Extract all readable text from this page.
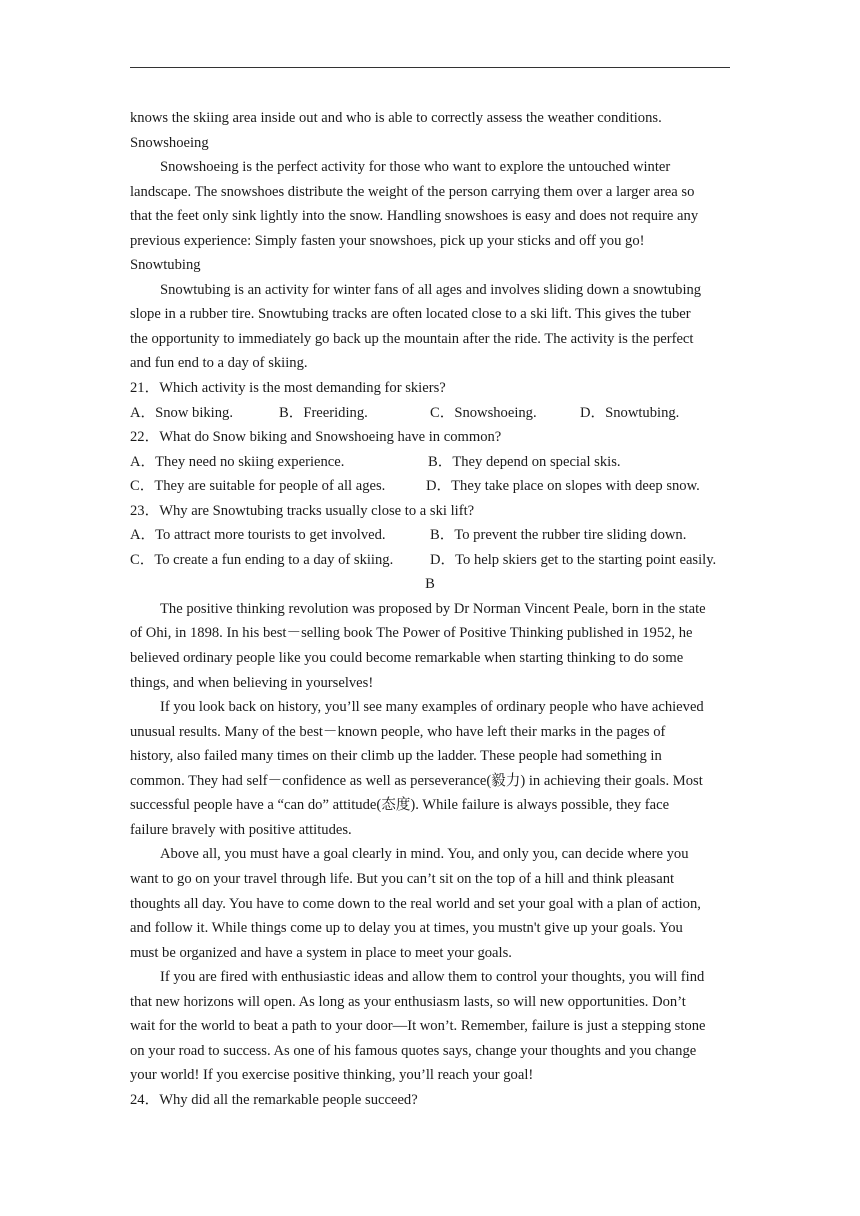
knows the skiing area inside out and who is able to correctly assess the weather conditions.
Snowshoeing
Snowshoeing is the perfect activity for those who want to explore the untouched winter
landscape. The snowshoes distribute the weight of the person carrying them over a larger area so
that the feet only sink lightly into the snow. Handling snowshoes is easy and does not require any
previous experience: Simply fasten your snowshoes, pick up your sticks and off you go!
Snowtubing
Snowtubing is an activity for winter fans of all ages and involves sliding down a snowtubing
slope in a rubber tire. Snowtubing tracks are often located close to a ski lift. This gives the tuber
the opportunity to immediately go back up the mountain after the ride. The activity is the perfect
and fun end to a day of skiing.
21．Which activity is the most demanding for skiers?
A．Snow biking.	B．Freeriding.	C．Snowshoeing.	D．Snowtubing.
22．What do Snow biking and Snowshoeing have in common?
A．They need no skiing experience.	B．They depend on special skis.
C．They are suitable for people of all ages.	D．They take place on slopes with deep snow.
23．Why are Snowtubing tracks usually close to a ski lift?
A．To attract more tourists to get involved.	B．To prevent the rubber tire sliding down.
C．To create a fun ending to a day of skiing.	D．To help skiers get to the starting point easily.
B
The positive thinking revolution was proposed by Dr Norman Vincent Peale, born in the state
of Ohi, in 1898. In his best－selling book The Power of Positive Thinking published in 1952, he
believed ordinary people like you could become remarkable when starting thinking to do some
things, and when believing in yourselves!
If you look back on history, you’ll see many examples of ordinary people who have achieved
unusual results. Many of the best－known people, who have left their marks in the pages of
history, also failed many times on their climb up the ladder. These people had something in
common. They had self－confidence as well as perseverance(毅力) in achieving their goals. Most
successful people have a “can do” attitude(态度). While failure is always possible, they face
failure bravely with positive attitudes.
Above all, you must have a goal clearly in mind. You, and only you, can decide where you
want to go on your travel through life. But you can’t sit on the top of a hill and think pleasant
thoughts all day. You have to come down to the real world and set your goal with a plan of action,
and follow it. While things come up to delay you at times, you mustn't give up your goals. You
must be organized and have a system in place to meet your goals.
If you are fired with enthusiastic ideas and allow them to control your thoughts, you will find
that new horizons will open. As long as your enthusiasm lasts, so will new opportunities. Don’t
wait for the world to beat a path to your door—It won’t. Remember, failure is just a stepping stone
on your road to success. As one of his famous quotes says, change your thoughts and you change
your world! If you exercise positive thinking, you’ll reach your goal!
24．Why did all the remarkable people succeed?
